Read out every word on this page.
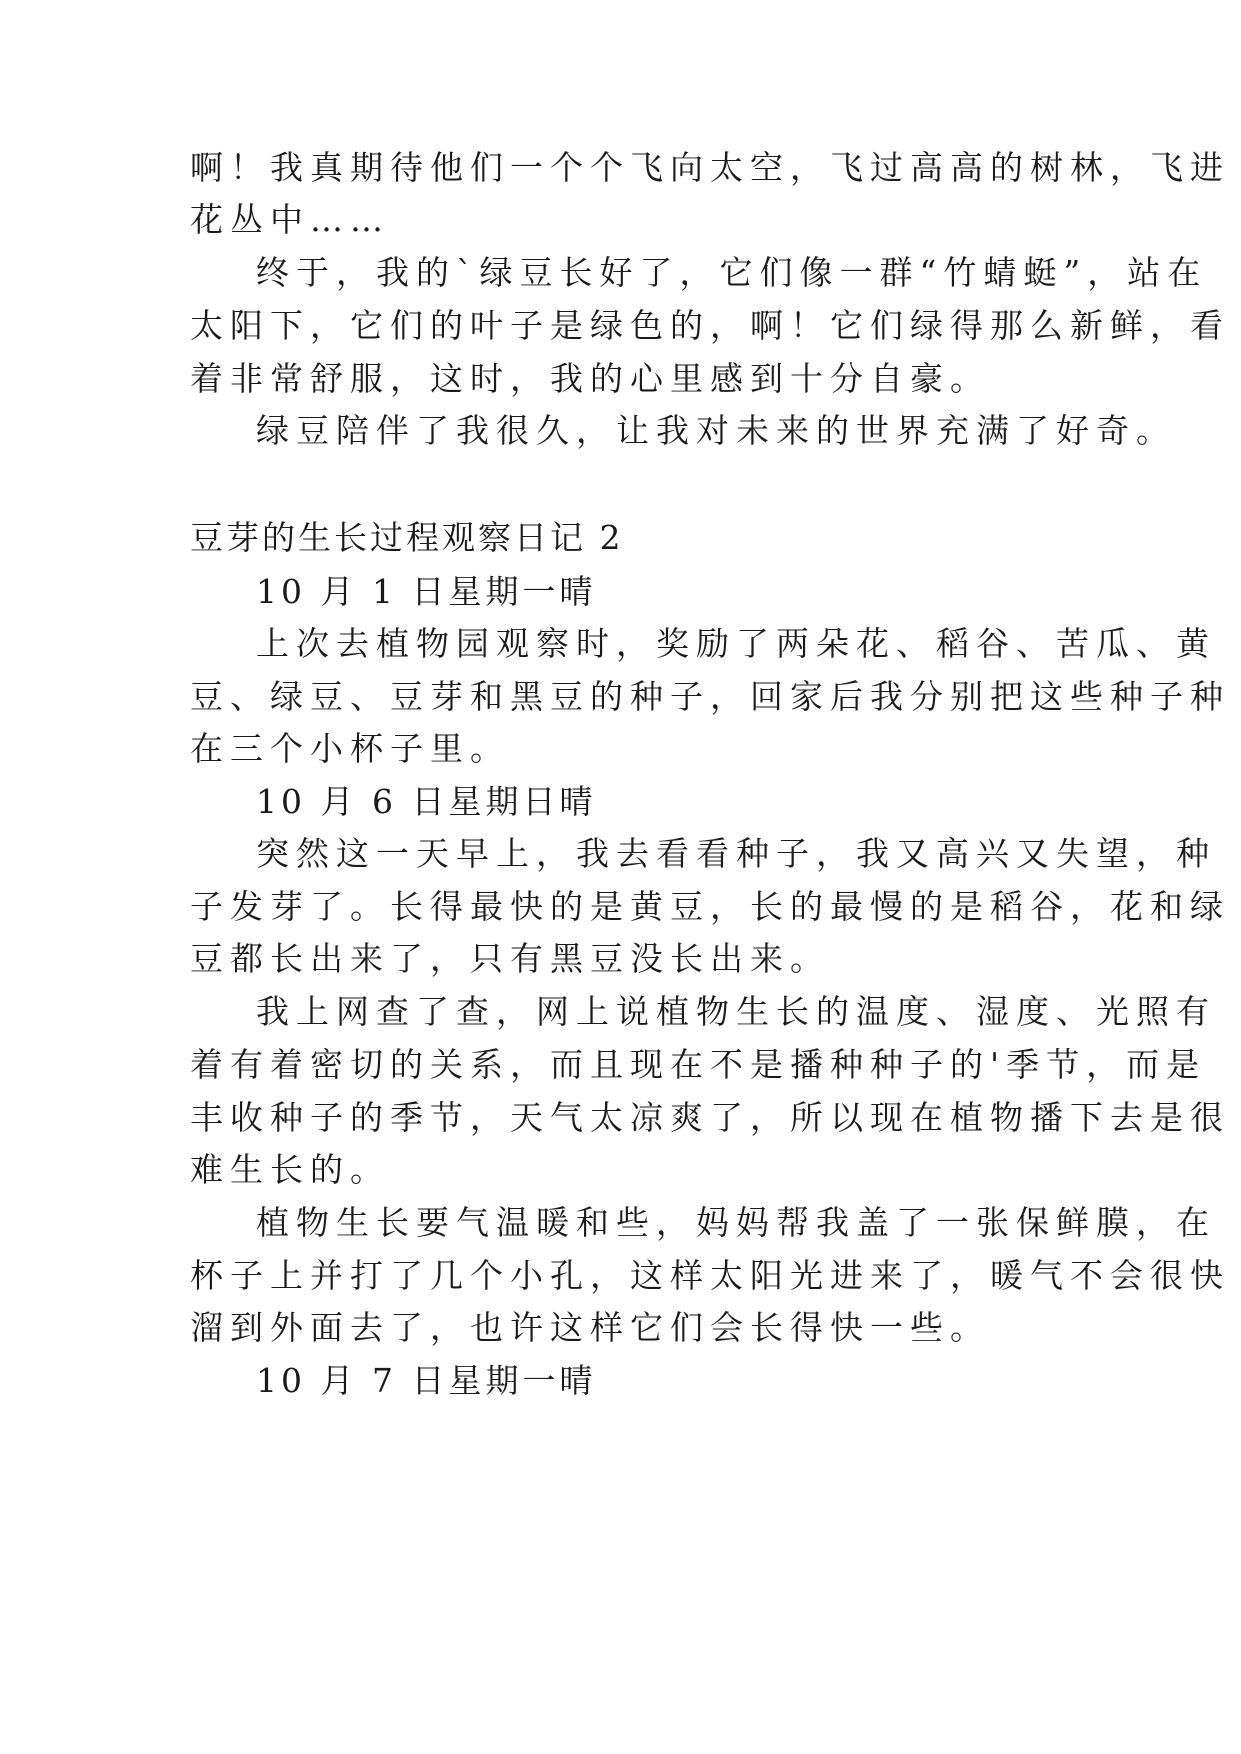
啊！我真期待他们一个个飞向太空，飞过高高的树林，飞进
花丛中……
终于，我的`绿豆长好了，它们像一群“竹蜻蜓”，站在
太阳下，它们的叶子是绿色的，啊！它们绿得那么新鲜，看
着非常舒服，这时，我的心里感到十分自豪。
绿豆陪伴了我很久，让我对未来的世界充满了好奇。
豆芽的生长过程观察日记 2
10 月 1 日星期一晴
上次去植物园观察时，奖励了两朵花、稻谷、苦瓜、黄
豆、绿豆、豆芽和黑豆的种子，回家后我分别把这些种子种
在三个小杯子里。
10 月 6 日星期日晴
突然这一天早上，我去看看种子，我又高兴又失望，种
子发芽了。长得最快的是黄豆，长的最慢的是稻谷，花和绿
豆都长出来了，只有黑豆没长出来。
我上网查了查，网上说植物生长的温度、湿度、光照有
着有着密切的关系，而且现在不是播种种子的'季节，而是
丰收种子的季节，天气太凉爽了，所以现在植物播下去是很
难生长的。
植物生长要气温暖和些，妈妈帮我盖了一张保鲜膜，在
杯子上并打了几个小孔，这样太阳光进来了，暖气不会很快
溜到外面去了，也许这样它们会长得快一些。
10 月 7 日星期一晴
